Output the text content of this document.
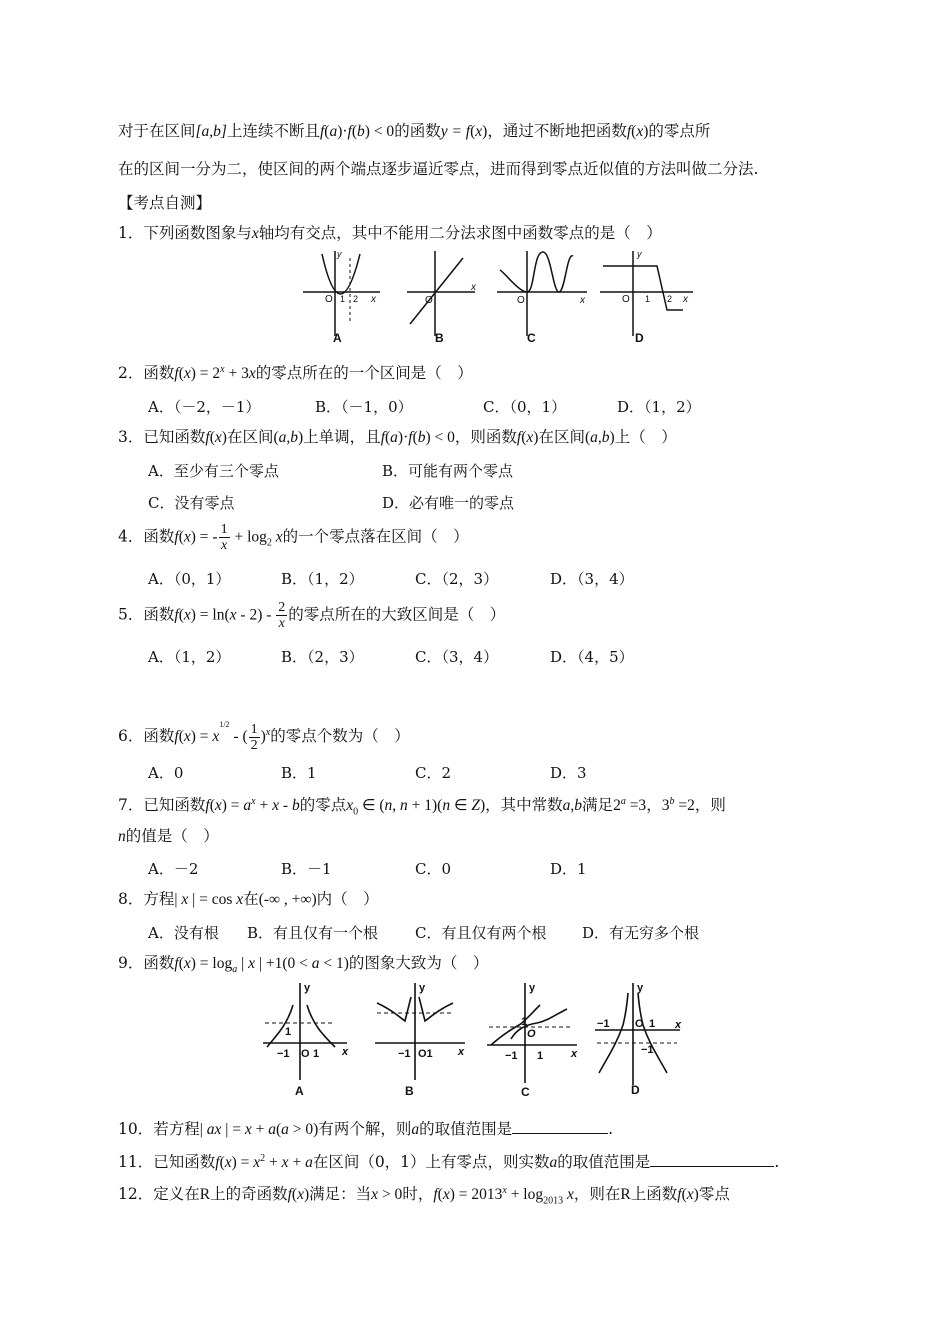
对于在区间[a,b]上连续不断且f(a)·f(b) < 0的函数y = f(x)，通过不断地把函数f(x)的零点所
在的区间一分为二，使区间的两个端点逐步逼近零点，进而得到零点近似值的方法叫做二分法.
【考点自测】
1．下列函数图象与x轴均有交点，其中不能用二分法求图中函数零点的是（　）
O 1 2 x
y
O
x
O	x	O 1 2 x
y
A	B	C	D
2．函数$f(x) = 2^x + 3x$的零点所在的一个区间是（　）
A．（－2，－1）	B．（－1，0）	C．（0，1）	D．（1，2）
3．已知函数f(x)在区间(a,b)上单调，且f(a)·f(b) < 0，则函数f(x)在区间(a,b)上（　）
A．至少有三个零点	B．可能有两个零点
C．没有零点	D．必有唯一的零点
4．函数f(x) = - $\frac{1}{x} + \log_2 x$的一个零点落在区间（　）
A．（0，1）	B．（1，2）	C．（2，3）	D．（3，4）
5．函数$f(x) = \ln(x - 2) - \frac{2}{x}$ 的零点所在的大致区间是（　）
A．（1，2）	B．（2，3）	C．（3，4）	D．（4，5）
6．函数$f(x) = x^{1/2}$ - ( $\frac{1}{2} )^x$的零点个数为（　）
A．0	B．1	C．2	D．3
7．已知函数$f(x) = a^x + x - b$的零点$x_0$ ∈ (n, n + 1)(n ∈ Z)，其中常数a,b满足$2^a =3$，$3^b =2$，则
n的值是（　）
A．－2	B．－1	C．0	D．1
8．方程| x | = cos x在(-∞ , +∞)内（　）
A．没有根 B．有且仅有一个根 C．有且仅有两个根 D．有无穷多个根
9．函数$f(x) = \log_a$ | x | +1(0 < a < 1)的图象大致为（　）
y
1
−1 O 1 x
y
−1 O1 x
y
1
O
−1 1	x
y
−1 O 1
−1
x
A	B	C	D
10．若方程| ax | = x + a(a > 0)有两个解，则a的取值范围是	.
11．已知函数$f(x) = x^2 + x + a$在区间（0，1）上有零点，则实数a的取值范围是	.
12．定义在R上的奇函数f(x)满足：当x > 0时，$f(x) = 2013^x + \log_{2013} x$，则在R上函数f(x)零点
